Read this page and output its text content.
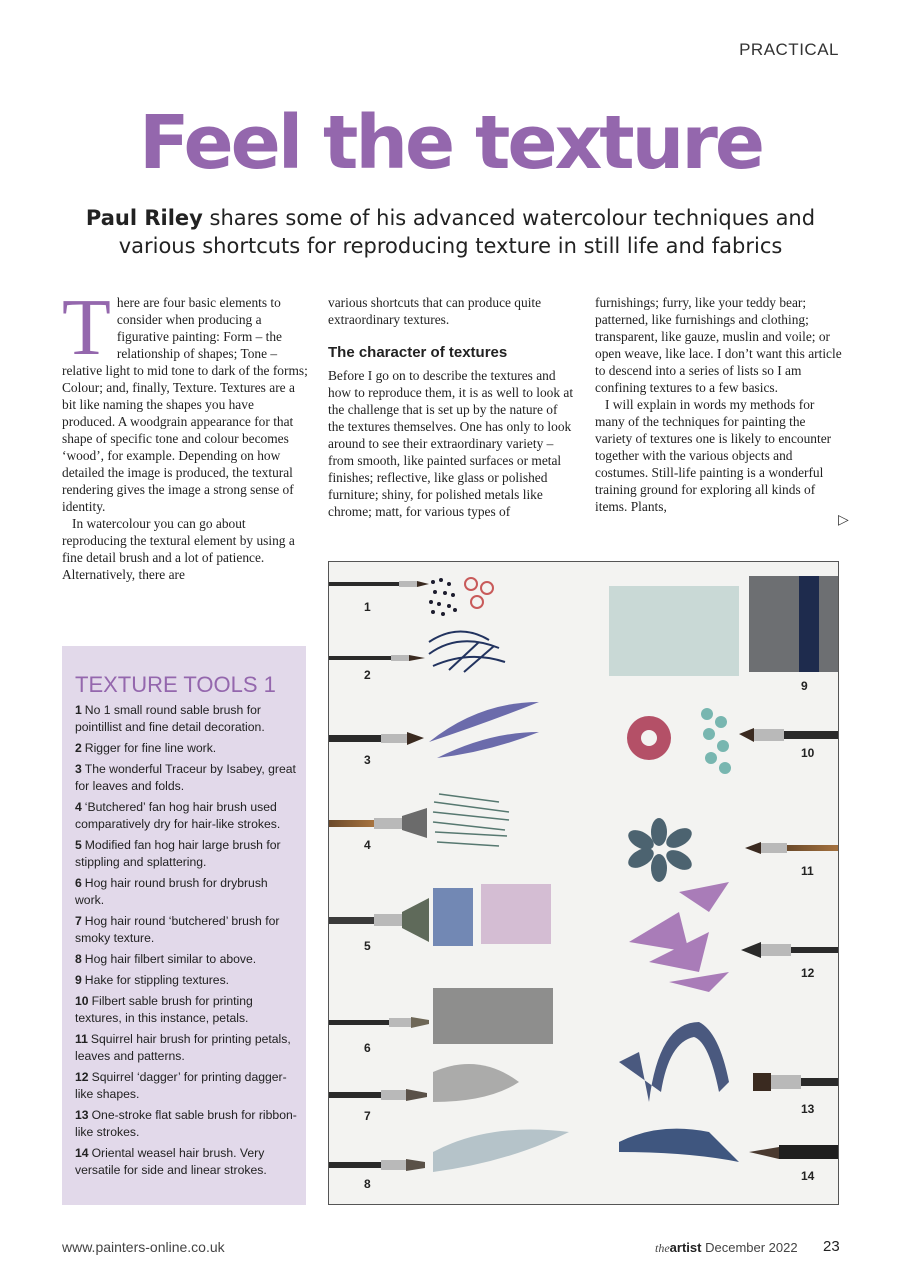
PRACTICAL
Feel the texture
Paul Riley shares some of his advanced watercolour techniques and various shortcuts for reproducing texture in still life and fabrics
T here are four basic elements to consider when producing a figurative painting: Form – the relationship of shapes; Tone – relative light to mid tone to dark of the forms; Colour; and, finally, Texture. Textures are a bit like naming the shapes you have produced. A woodgrain appearance for that shape of specific tone and colour becomes ‘wood’, for example. Depending on how detailed the image is produced, the textural rendering gives the image a strong sense of identity.

In watercolour you can go about reproducing the textural element by using a fine detail brush and a lot of patience. Alternatively, there are

various shortcuts that can produce quite extraordinary textures.

The character of textures

Before I go on to describe the textures and how to reproduce them, it is as well to look at the challenge that is set up by the nature of the textures themselves. One has only to look around to see their extraordinary variety – from smooth, like painted surfaces or metal finishes; reflective, like glass or polished furniture; shiny, for polished metals like chrome; matt, for various types of

furnishings; furry, like your teddy bear; patterned, like furnishings and clothing; transparent, like gauze, muslin and voile; or open weave, like lace. I don’t want this article to descend into a series of lists so I am confining textures to a few basics.

I will explain in words my methods for many of the techniques for painting the variety of textures one is likely to encounter together with the various objects and costumes. Still-life painting is a wonderful training ground for exploring all kinds of items. Plants,

▷
TEXTURE TOOLS 1

1 No 1 small round sable brush for pointillist and fine detail decoration.

2 Rigger for fine line work.

3 The wonderful Traceur by Isabey, great for leaves and folds.

4 ‘Butchered’ fan hog hair brush used comparatively dry for hair-like strokes.

5 Modified fan hog hair large brush for stippling and splattering.

6 Hog hair round brush for drybrush work.

7 Hog hair round ‘butchered’ brush for smoky texture.

8 Hog hair filbert similar to above.

9 Hake for stippling textures.

10 Filbert sable brush for printing textures, in this instance, petals.

11 Squirrel hair brush for printing petals, leaves and patterns.

12 Squirrel ‘dagger’ for printing dagger-like shapes.

13 One-stroke flat sable brush for ribbon-like strokes.

14 Oriental weasel hair brush. Very versatile for side and linear strokes.

1
2
3
4
5
6
7
8
9
10
11
12
13
14
www.painters-online.co.uk	theartist December 2022 23
